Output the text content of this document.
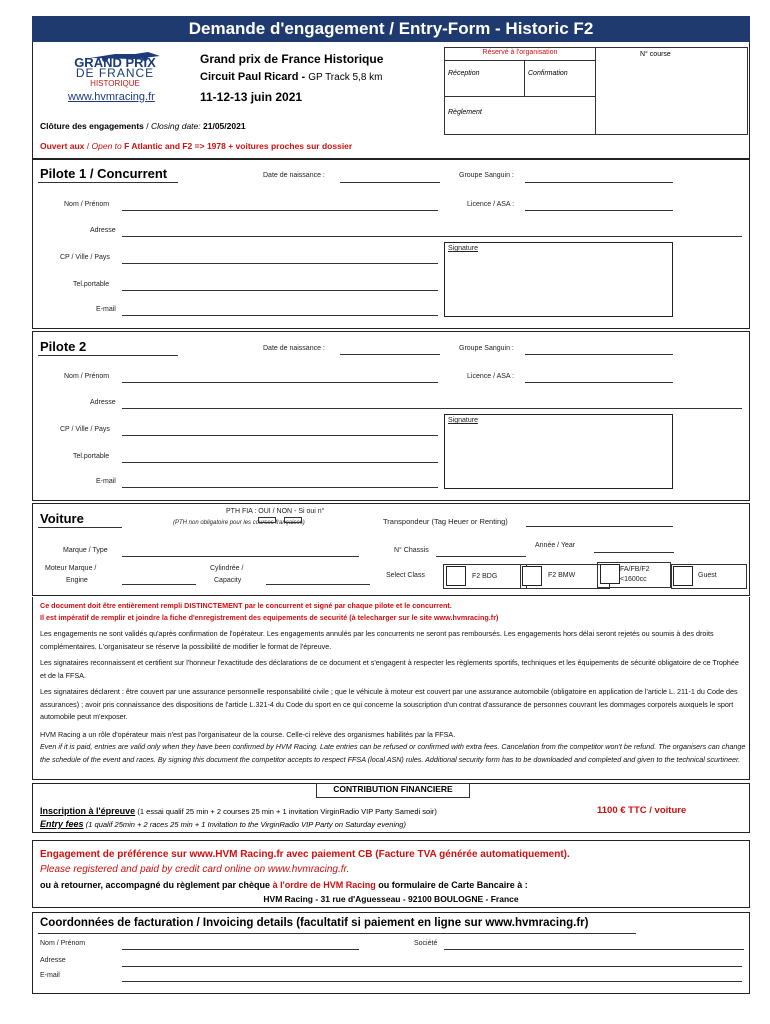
Demande d'engagement / Entry-Form - Historic F2
GRAND PRIX
DE FRANCE
HISTORIQUE
www.hvmracing.fr
Grand prix de France Historique
Circuit Paul Ricard - GP Track 5,8 km
11-12-13 juin 2021
Réservé à l'organisation
Réception	Confirmation
Règlement
N° course
Clôture des engagements / Closing date: 21/05/2021
Ouvert aux / Open to F Atlantic and F2 => 1978 + voitures proches sur dossier
Pilote 1 / Concurrent	Date de naissance :	Groupe Sanguin :
Nom / Prénom	Licence / ASA :
Adresse
CP / Ville / Pays
Signature
Tel.portable
E-mail
Pilote 2	Date de naissance :	Groupe Sanguin :
Nom / Prénom	Licence / ASA :
Adresse
CP / Ville / Pays
Signature
Tel.portable
E-mail
Voiture	PTH FIA : OUI / NON - Si oui n°
(PTH non obligatoire pour les courses françaises)	Transpondeur (Tag Heuer or Renting)
Marque / Type
Année / Year
N° Chassis
Moteur Marque /
Engine
Cylindrée /
Capacity
Select Class	F2 BDG	F2 BMW
FA/FB/F2
<1600cc
Guest
Ce document doit être entièrement rempli DISTINCTEMENT par le concurrent et signé par chaque pilote et le concurrent.
Il est impératif de remplir et joindre la fiche d'enregistrement des equipements de securité (à telecharger sur le site www.hvmracing.fr)
Les engagements ne sont validés qu'après confirmation de l'opérateur. Les engagements annulés par les concurrents ne seront pas remboursés. Les engagements hors délai seront rejetés ou soumis à des droits complémentaires. L'organisateur se réserve la possibilité de modifier le format de l'épreuve.
Les signataires reconnaissent et certifient sur l'honneur l'exactitude des déclarations de ce document et s'engagent à respecter les règlements sportifs, techniques et les équipements de sécurité obligatoire de ce Trophée et de la FFSA.
Les signataires déclarent : être couvert par une assurance personnelle responsabilité civile ; que le véhicule à moteur est couvert par une assurance automobile (obligatoire en application de l'article L. 211-1 du Code des assurances) ; avoir pris connaissance des dispositions de l'article L.321-4 du Code du sport en ce qui concerne la souscription d'un contrat d'assurance de personnes couvrant les dommages corporels auxquels le sport automobile peut m'exposer.
HVM Racing a un rôle d'opérateur mais n'est pas l'organisateur de la course. Celle-ci relève des organismes habilités par la FFSA.
Even if it is paid, entries are valid only when they have been confirmed by HVM Racing. Late entries can be refused or confirmed with extra fees. Cancelation from the competitor won't be refund. The organisers can change the schedule of the event and races. By signing this document the competitor accepts to respect FFSA (local ASN) rules. Additional security form has to be downloaded and completed and given to the technical scurtineer.
CONTRIBUTION FINANCIERE
Inscription à l'épreuve (1 essai qualif 25 min + 2 courses 25 min + 1 invitation VirginRadio VIP Party Samedi soir)	1100 € TTC / voiture
Entry fees (1 qualif 25min + 2 races 25 min + 1 Invitation to the VirginRadio VIP Party on Saturday evening)
Engagement de préférence sur www.HVM Racing.fr avec paiement CB (Facture TVA générée automatiquement).
Please registered and paid by credit card online on www.hvmracing.fr.
ou à retourner, accompagné du règlement par chèque à l'ordre de HVM Racing ou formulaire de Carte Bancaire à :
HVM Racing - 31 rue d'Aguesseau - 92100 BOULOGNE - France
Coordonnées de facturation / Invoicing details (facultatif si paiement en ligne sur www.hvmracing.fr)
Nom / Prénom	Société
Adresse
E-mail
